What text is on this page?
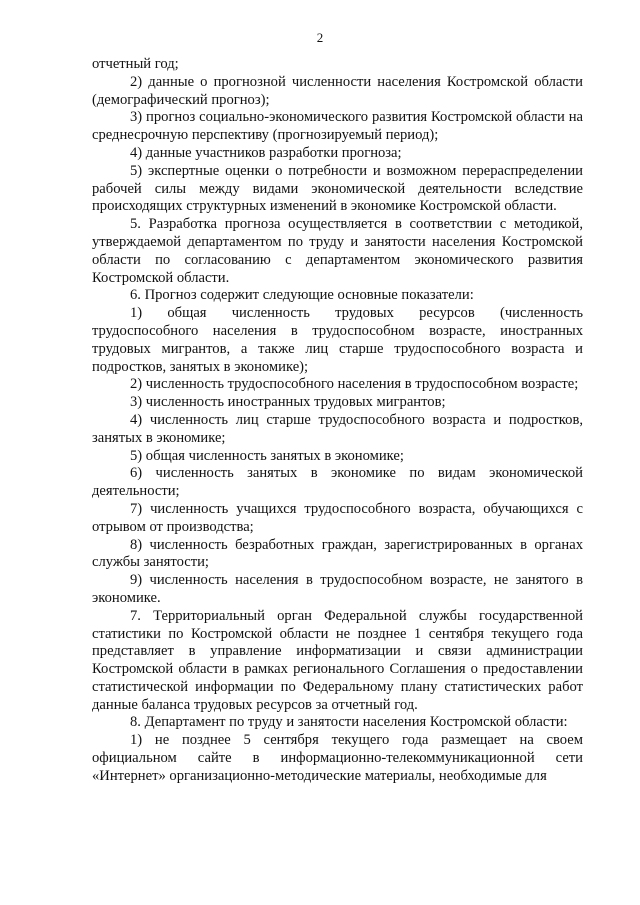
2

отчетный год;

2) данные о прогнозной численности населения Костромской области (демографический прогноз);

3) прогноз социально-экономического развития Костромской области на среднесрочную перспективу (прогнозируемый период);

4) данные участников разработки прогноза;

5) экспертные оценки о потребности и возможном перераспределении рабочей силы между видами экономической деятельности вследствие происходящих структурных изменений в экономике Костромской области.

5. Разработка прогноза осуществляется в соответствии с методикой, утверждаемой департаментом по труду и занятости населения Костромской области по согласованию с департаментом экономического развития Костромской области.

6. Прогноз содержит следующие основные показатели:

1) общая численность трудовых ресурсов (численность трудоспособного населения в трудоспособном возрасте, иностранных трудовых мигрантов, а также лиц старше трудоспособного возраста и подростков, занятых в экономике);

2) численность трудоспособного населения в трудоспособном возрасте;

3) численность иностранных трудовых мигрантов;

4) численность лиц старше трудоспособного возраста и подростков, занятых в экономике;

5) общая численность занятых в экономике;

6) численность занятых в экономике по видам экономической деятельности;

7) численность учащихся трудоспособного возраста, обучающихся с отрывом от производства;

8) численность безработных граждан, зарегистрированных в органах службы занятости;

9) численность населения в трудоспособном возрасте, не занятого в экономике.

7. Территориальный орган Федеральной службы государственной статистики по Костромской области не позднее 1 сентября текущего года представляет в управление информатизации и связи администрации Костромской области в рамках регионального Соглашения о предоставлении статистической информации по Федеральному плану статистических работ данные баланса трудовых ресурсов за отчетный год.

8. Департамент по труду и занятости населения Костромской области:

1) не позднее 5 сентября текущего года размещает на своем официальном сайте в информационно-телекоммуникационной сети «Интернет» организационно-методические материалы, необходимые для
